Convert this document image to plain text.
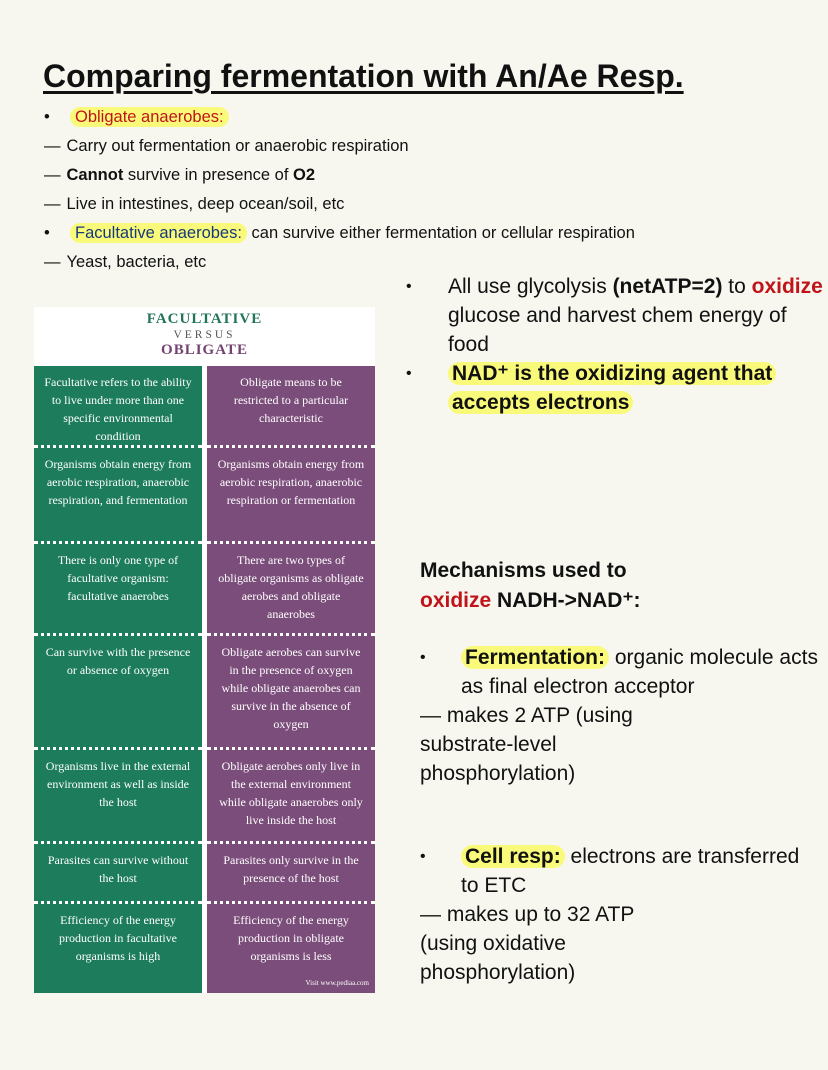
Comparing fermentation with An/Ae Resp.
• Obligate anaerobes:
— Carry out fermentation or anaerobic respiration
— Cannot survive in presence of O2
— Live in intestines, deep ocean/soil, etc
• Facultative anaerobes: can survive either fermentation or cellular respiration
— Yeast, bacteria, etc
FACULTATIVE
VERSUS
OBLIGATE
Facultative refers to the ability to live under more than one specific environmental condition
Obligate means to be restricted to a particular characteristic
Organisms obtain energy from aerobic respiration, anaerobic respiration, and fermentation
Organisms obtain energy from aerobic respiration, anaerobic respiration or fermentation
There is only one type of facultative organism: facultative anaerobes
There are two types of obligate organisms as obligate aerobes and obligate anaerobes
Can survive with the presence or absence of oxygen
Obligate aerobes can survive in the presence of oxygen while obligate anaerobes can survive in the absence of oxygen
Organisms live in the external environment as well as inside the host
Obligate aerobes only live in the external environment while obligate anaerobes only live inside the host
Parasites can survive without the host
Parasites only survive in the presence of the host
Efficiency of the energy production in facultative organisms is high
Efficiency of the energy production in obligate organisms is less
Visit www.pediaa.com
• All use glycolysis (netATP=2) to oxidize glucose and harvest chem energy of food
• NAD⁺ is the oxidizing agent that accepts electrons
Mechanisms used to
oxidize NADH->NAD⁺:
• Fermentation: organic molecule acts as final electron acceptor
— makes 2 ATP (using substrate-level phosphorylation)
• Cell resp: electrons are transferred to ETC
— makes up to 32 ATP (using oxidative phosphorylation)
